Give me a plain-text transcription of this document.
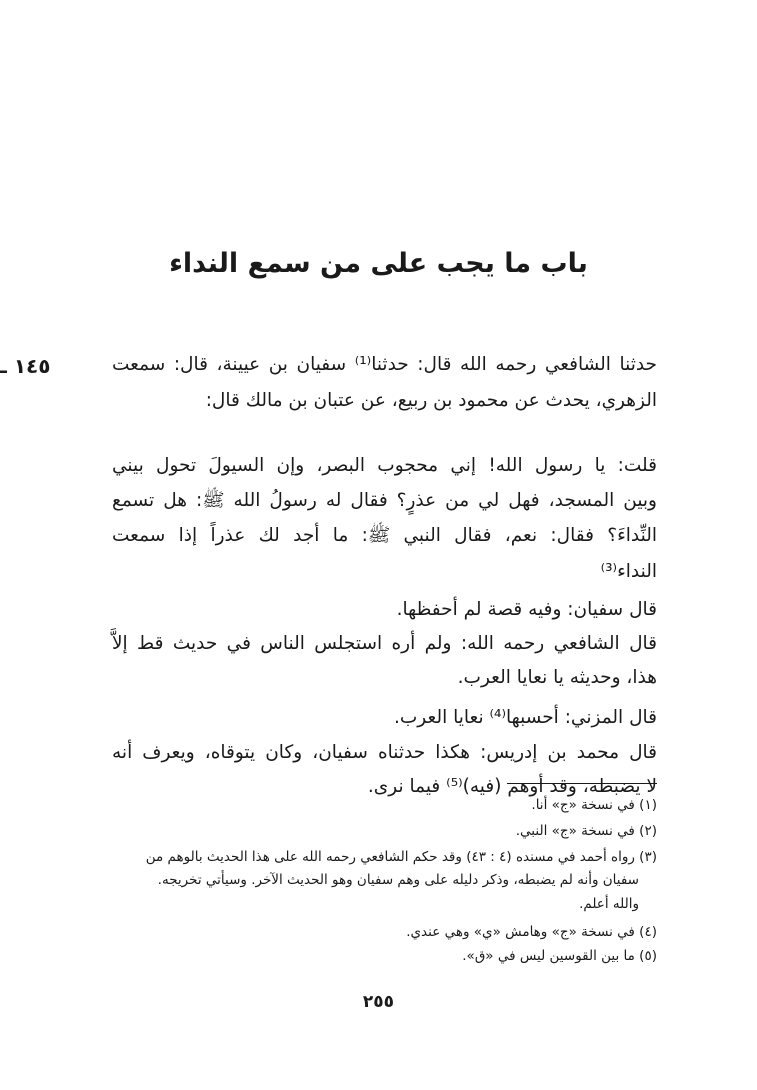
باب ما يجب على من سمع النداء
١٤٥ ـ	حدثنا الشافعي رحمه الله قال: حدثنا⁽¹⁾ سفيان بن عيينة، قال: سمعت
الزهري، يحدث عن محمود بن ربيع، عن عتبان بن مالك قال:
قلت: يا رسول الله! إني محجوب البصر، وإن السيولَ تحول بيني
وبين المسجد، فهل لي من عذرٍ؟ فقال له رسولُ الله ﷺ: هل تسمع
النِّداءَ؟ فقال: نعم، فقال النبي ﷺ: ما أجد لك عذراً إذا سمعت
النداء⁽³⁾
قال سفيان: وفيه قصة لم أحفظها.
قال الشافعي رحمه الله: ولم أره استجلس الناس في حديث قط إلاَّ
هذا، وحديثه يا نعايا العرب.
قال المزني: أحسبها⁽⁴⁾ نعايا العرب.
قال محمد بن إدريس: هكذا حدثناه سفيان، وكان يتوقاه، ويعرف أنه
لا يضبطه، وقد أوهم (فيه)⁽⁵⁾ فيما نرى.
(١) في نسخة «ج» أنا.
(٢) في نسخة «ج» النبي.
(٣) رواه أحمد في مسنده (٤ : ٤٣) وقد حكم الشافعي رحمه الله على هذا الحديث بالوهم من
سفيان وأنه لم يضبطه، وذكر دليله على وهم سفيان وهو الحديث الآخر. وسيأتي تخريجه.
والله أعلم.
(٤) في نسخة «ج» وهامش «ي» وهي عندي.
(٥) ما بين القوسين ليس في «ق».
٢٥٥
